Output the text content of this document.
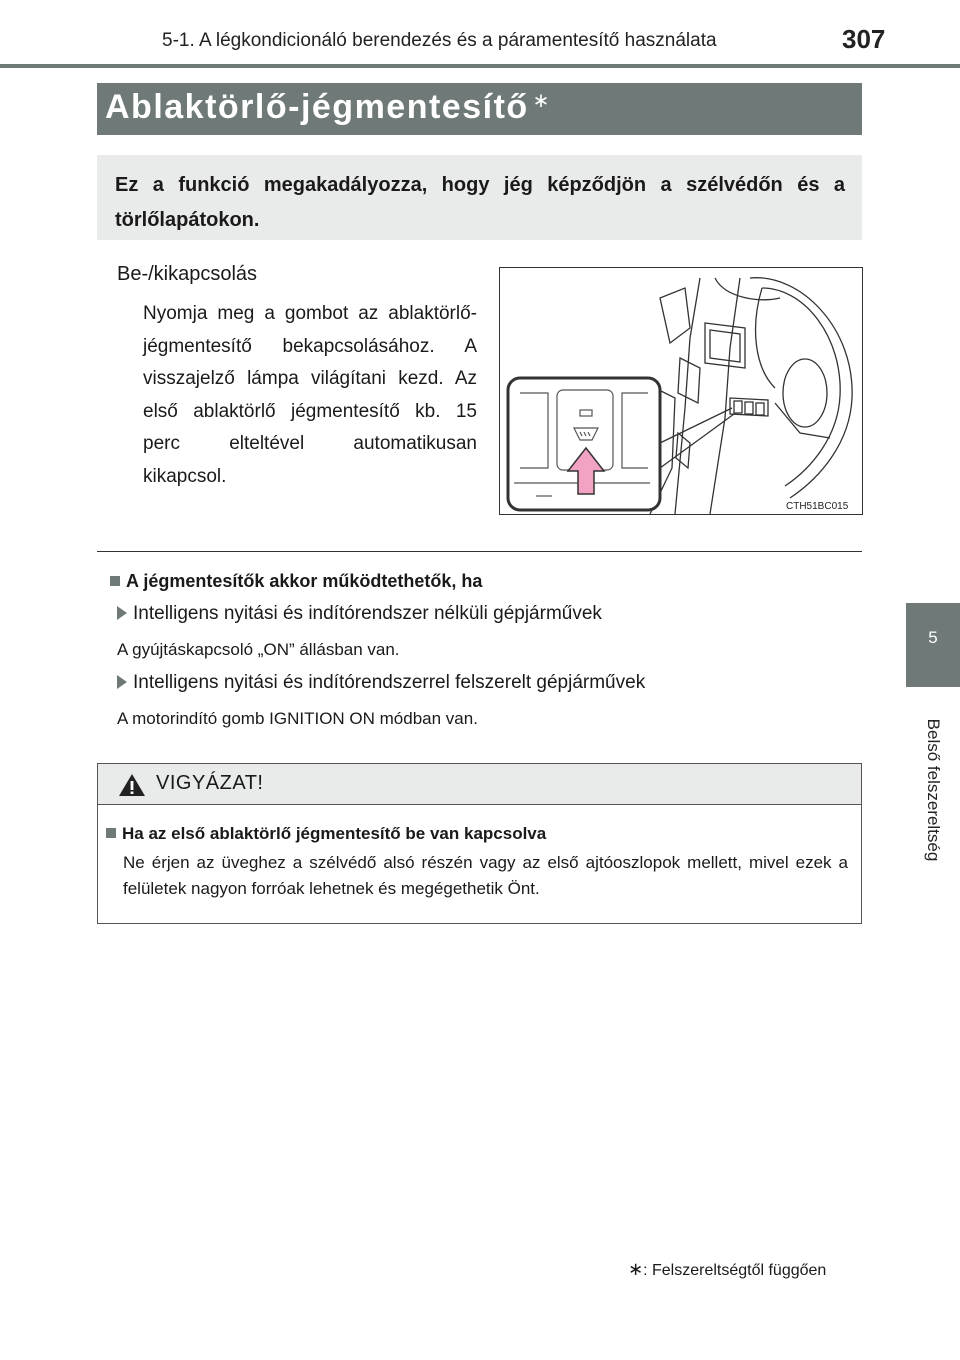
5-1. A légkondicionáló berendezés és a páramentesítő használata	307
5
Belső felszereltség
Ablaktörlő-jégmentesítő ∗
Ez a funkció megakadályozza, hogy jég képződjön a szélvédőn és a törlőlapátokon.
Be-/kikapcsolás
Nyomja meg a gombot az ablaktörlő-jégmentesítő bekapcsolásához. A visszajelző lámpa világítani kezd. Az első ablaktörlő jégmentesítő kb. 15 perc elteltével automatikusan kikapcsol.
CTH51BC015
A jégmentesítők akkor működtethetők, ha
Intelligens nyitási és indítórendszer nélküli gépjárművek
A gyújtáskapcsoló „ON” állásban van.
Intelligens nyitási és indítórendszerrel felszerelt gépjárművek
A motorindító gomb IGNITION ON módban van.
VIGYÁZAT!
Ha az első ablaktörlő jégmentesítő be van kapcsolva
Ne érjen az üveghez a szélvédő alsó részén vagy az első ajtóoszlopok mellett, mivel ezek a felületek nagyon forróak lehetnek és megégethetik Önt.
∗: Felszereltségtől függően
